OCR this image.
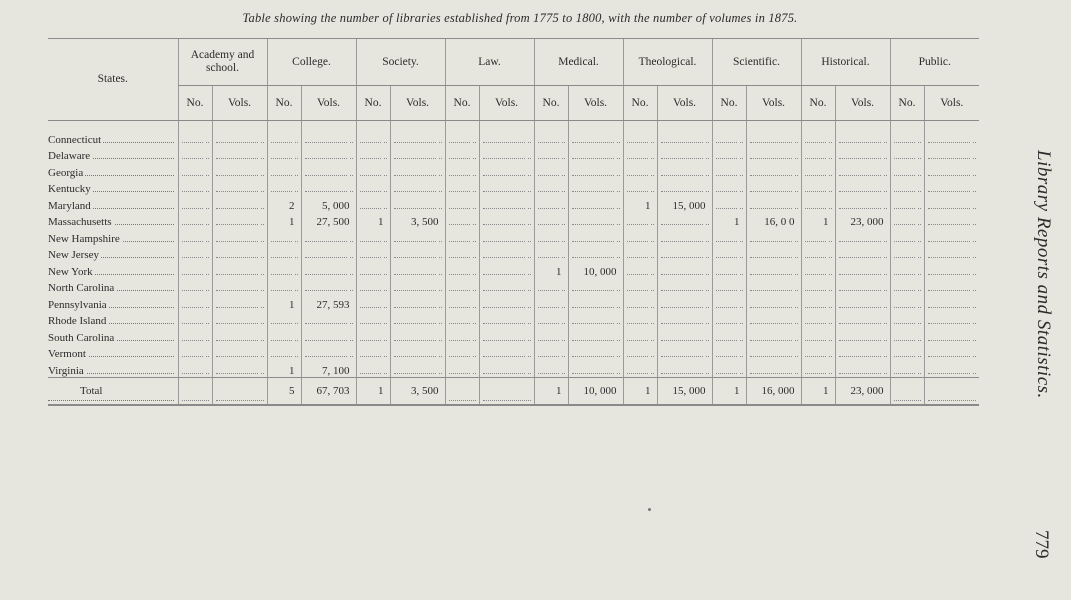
Table showing the number of libraries established from 1775 to 1800, with the number of volumes in 1875.
States.	Academy and school.		College.		Society.		Law.		Medical.		Theological.		Scientific.		Historical.		Public.	
	No.	Vols.	No.	Vols.	No.	Vols.	No.	Vols.	No.	Vols.	No.	Vols.	No.	Vols.	No.	Vols.	No.	Vols.

Connecticut	

Delaware	

Georgia	

Kentucky	

Maryland			2	5, 000							1	15, 000	

Massachusetts			1	27, 500	1	3, 500							1	16, 0 0	1	23, 000	

New Hampshire	

New Jersey	

New York									1	10, 000	

North Carolina	

Pennsylvania			1	27, 593	

Rhode Island	

South Carolina	

Vermont	

Virginia			1	7, 100	

Total			5	67, 703	1	3, 500			1	10, 000	1	15, 000	1	16, 000	1	23, 000	
		Library Reports and Statistics.
779
